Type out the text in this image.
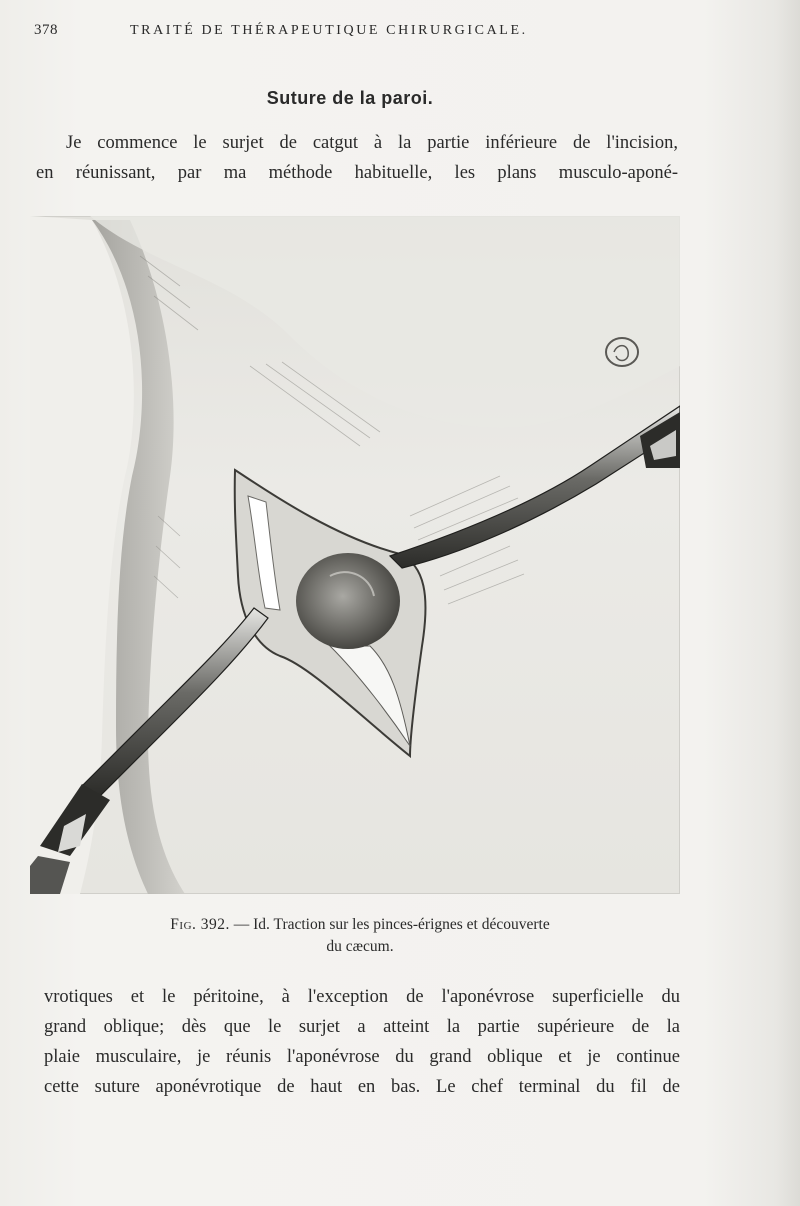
378	TRAITÉ DE THÉRAPEUTIQUE CHIRURGICALE.
Suture de la paroi.
Je commence le surjet de catgut à la partie inférieure de l'incision,
en réunissant, par ma méthode habituelle, les plans musculo-aponé-
Fig. 392. — Id. Traction sur les pinces-érignes et découverte
du cæcum.
vrotiques et le péritoine, à l'exception de l'aponévrose superficielle du
grand oblique; dès que le surjet a atteint la partie supérieure de la
plaie musculaire, je réunis l'aponévrose du grand oblique et je continue
cette suture aponévrotique de haut en bas. Le chef terminal du fil de
